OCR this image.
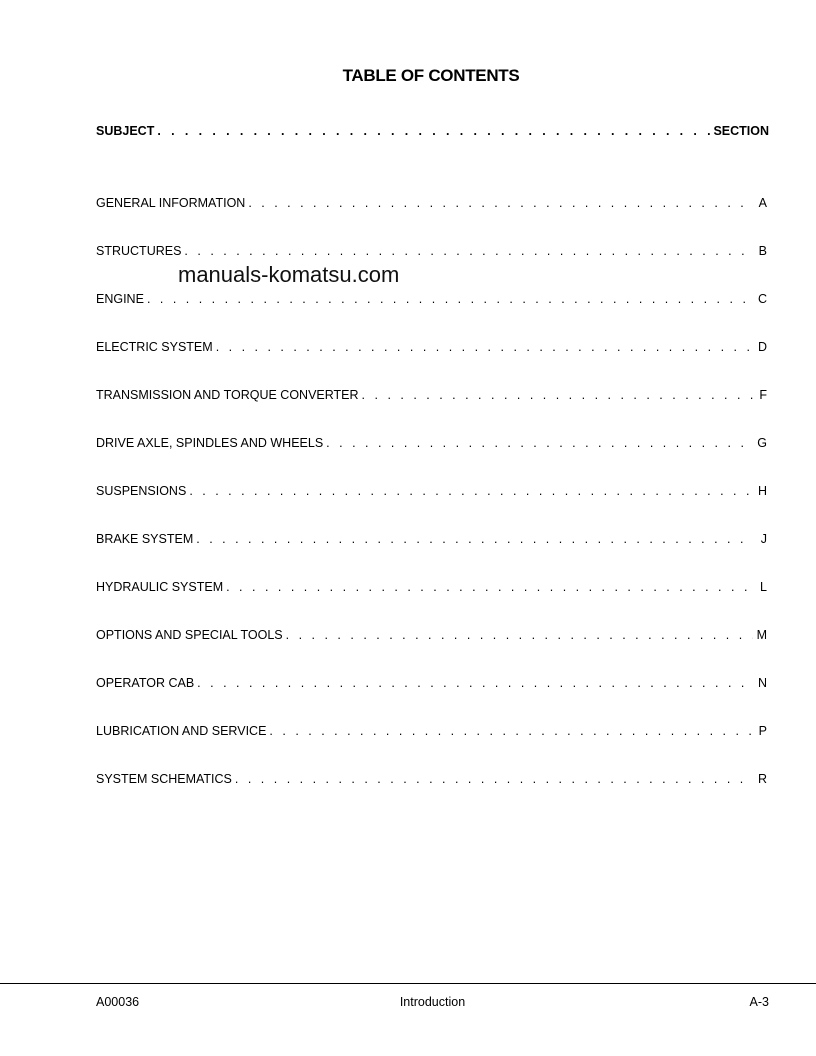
TABLE OF CONTENTS
SUBJECT . . .	SECTION
GENERAL INFORMATION . . .	A
STRUCTURES . . .	B
ENGINE . . .	C
ELECTRIC SYSTEM . . .	D
TRANSMISSION AND TORQUE CONVERTER . . .	F
DRIVE AXLE, SPINDLES AND WHEELS . . .	G
SUSPENSIONS . . .	H
BRAKE SYSTEM . . .	J
HYDRAULIC SYSTEM . . .	L
OPTIONS AND SPECIAL TOOLS . . .	M
OPERATOR CAB . . .	N
LUBRICATION AND SERVICE . . .	P
SYSTEM SCHEMATICS . . .	R
manuals-komatsu.com
A00036	Introduction	A-3
